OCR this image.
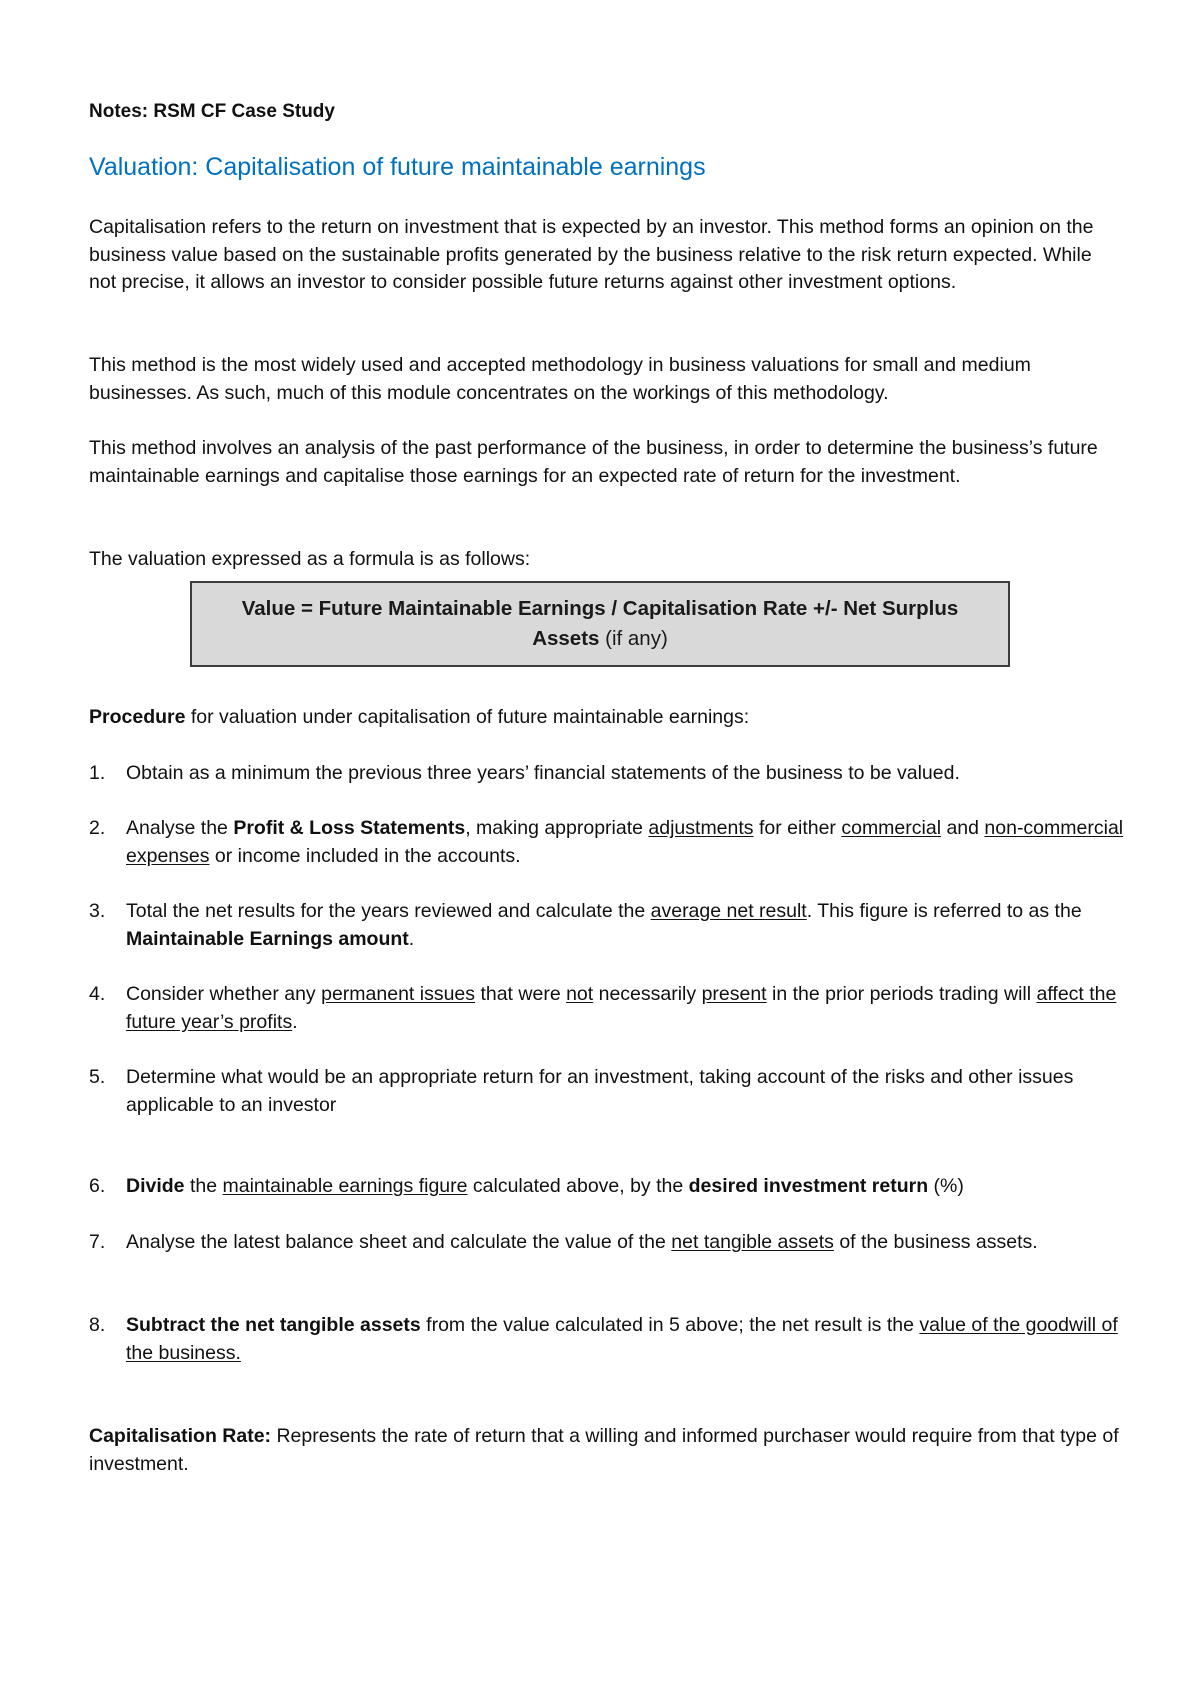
Notes: RSM CF Case Study

Valuation: Capitalisation of future maintainable earnings

Capitalisation refers to the return on investment that is expected by an investor. This method forms an opinion on the business value based on the sustainable profits generated by the business relative to the risk return expected. While not precise, it allows an investor to consider possible future returns against other investment options.

This method is the most widely used and accepted methodology in business valuations for small and medium businesses. As such, much of this module concentrates on the workings of this methodology.

This method involves an analysis of the past performance of the business, in order to determine the business’s future maintainable earnings and capitalise those earnings for an expected rate of return for the investment.

The valuation expressed as a formula is as follows:

Value = Future Maintainable Earnings / Capitalisation Rate +/- Net Surplus
Assets (if any)

Procedure for valuation under capitalisation of future maintainable earnings:

1. Obtain as a minimum the previous three years’ financial statements of the business to be valued.
2. Analyse the Profit & Loss Statements, making appropriate adjustments for either commercial and non-commercial expenses or income included in the accounts.
3. Total the net results for the years reviewed and calculate the average net result. This figure is referred to as the Maintainable Earnings amount.
4. Consider whether any permanent issues that were not necessarily present in the prior periods trading will affect the future year’s profits.
5. Determine what would be an appropriate return for an investment, taking account of the risks and other issues applicable to an investor
6. Divide the maintainable earnings figure calculated above, by the desired investment return (%)
7. Analyse the latest balance sheet and calculate the value of the net tangible assets of the business assets.
8. Subtract the net tangible assets from the value calculated in 5 above; the net result is the value of the goodwill of the business.

Capitalisation Rate: Represents the rate of return that a willing and informed purchaser would require from that type of investment.
